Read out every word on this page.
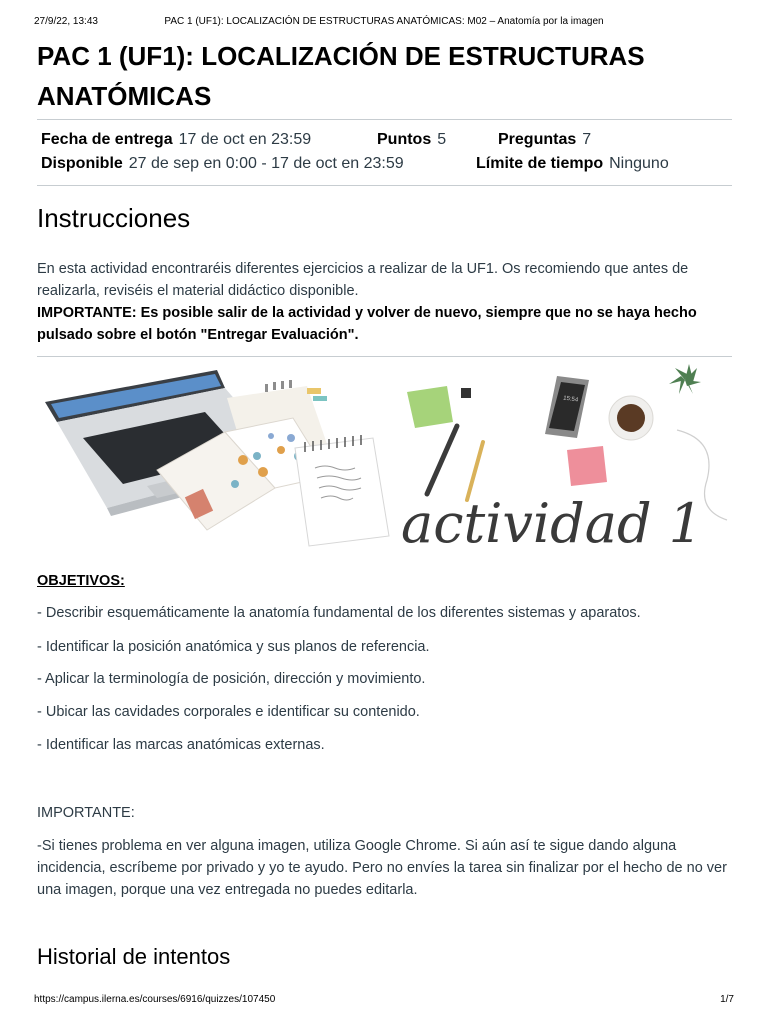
27/9/22, 13:43	PAC 1 (UF1): LOCALIZACIÓN DE ESTRUCTURAS ANATÓMICAS: M02 – Anatomía por la imagen
PAC 1 (UF1): LOCALIZACIÓN DE ESTRUCTURAS ANATÓMICAS
Fecha de entrega 17 de oct en 23:59	Puntos 5	Preguntas 7
Disponible 27 de sep en 0:00 - 17 de oct en 23:59	Límite de tiempo Ninguno
Instrucciones

En esta actividad encontraréis diferentes ejercicios a realizar de la UF1. Os recomiendo que antes de realizarla, reviséis el material didáctico disponible.

IMPORTANTE: Es posible salir de la actividad y volver de nuevo, siempre que no se haya hecho pulsado sobre el botón "Entregar Evaluación".

15:54
actividad 1
OBJETIVOS:
- Describir esquemáticamente la anatomía fundamental de los diferentes sistemas y aparatos.
- Identificar la posición anatómica y sus planos de referencia.
- Aplicar la terminología de posición, dirección y movimiento.
- Ubicar las cavidades corporales e identificar su contenido.
- Identificar las marcas anatómicas externas.

IMPORTANTE:

-Si tienes problema en ver alguna imagen, utiliza Google Chrome. Si aún así te sigue dando alguna incidencia, escríbeme por privado y yo te ayudo. Pero no envíes la tarea sin finalizar por el hecho de no ver una imagen, porque una vez entregada no puedes editarla.

Historial de intentos
https://campus.ilerna.es/courses/6916/quizzes/107450	1/7
